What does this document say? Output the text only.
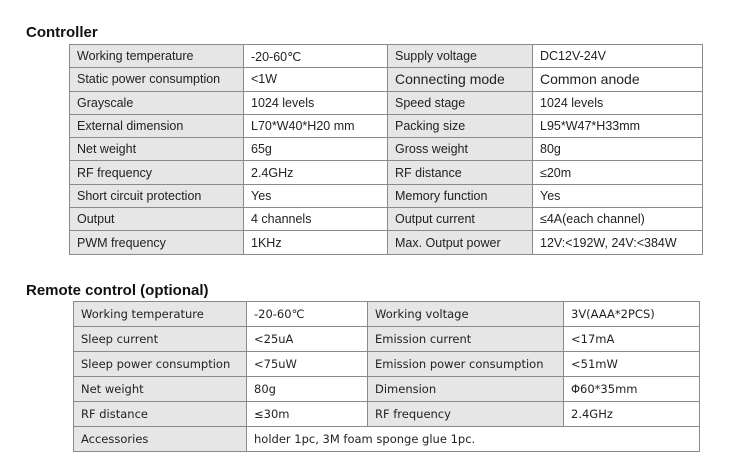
Controller
Working temperature	-20-60℃	Supply voltage	DC12V-24V
Static power consumption	<1W	Connecting mode	Common anode
Grayscale	1024 levels	Speed stage	1024 levels
External dimension	L70*W40*H20 mm	Packing size	L95*W47*H33mm
Net weight	65g	Gross weight	80g
RF frequency	2.4GHz	RF distance	≤20m
Short circuit protection	Yes	Memory function	Yes
Output	4 channels	Output current	≤4A(each channel)
PWM frequency	1KHz	Max. Output power	12V:<192W, 24V:<384W
Remote control (optional)
Working temperature	-20-60℃	Working voltage	3V(AAA*2PCS)
Sleep current	<25uA	Emission current	<17mA
Sleep power consumption	<75uW	Emission power consumption	<51mW
Net weight	80g	Dimension	Φ60*35mm
RF distance	≤30m	RF frequency	2.4GHz
Accessories	holder 1pc, 3M foam sponge glue 1pc.		
